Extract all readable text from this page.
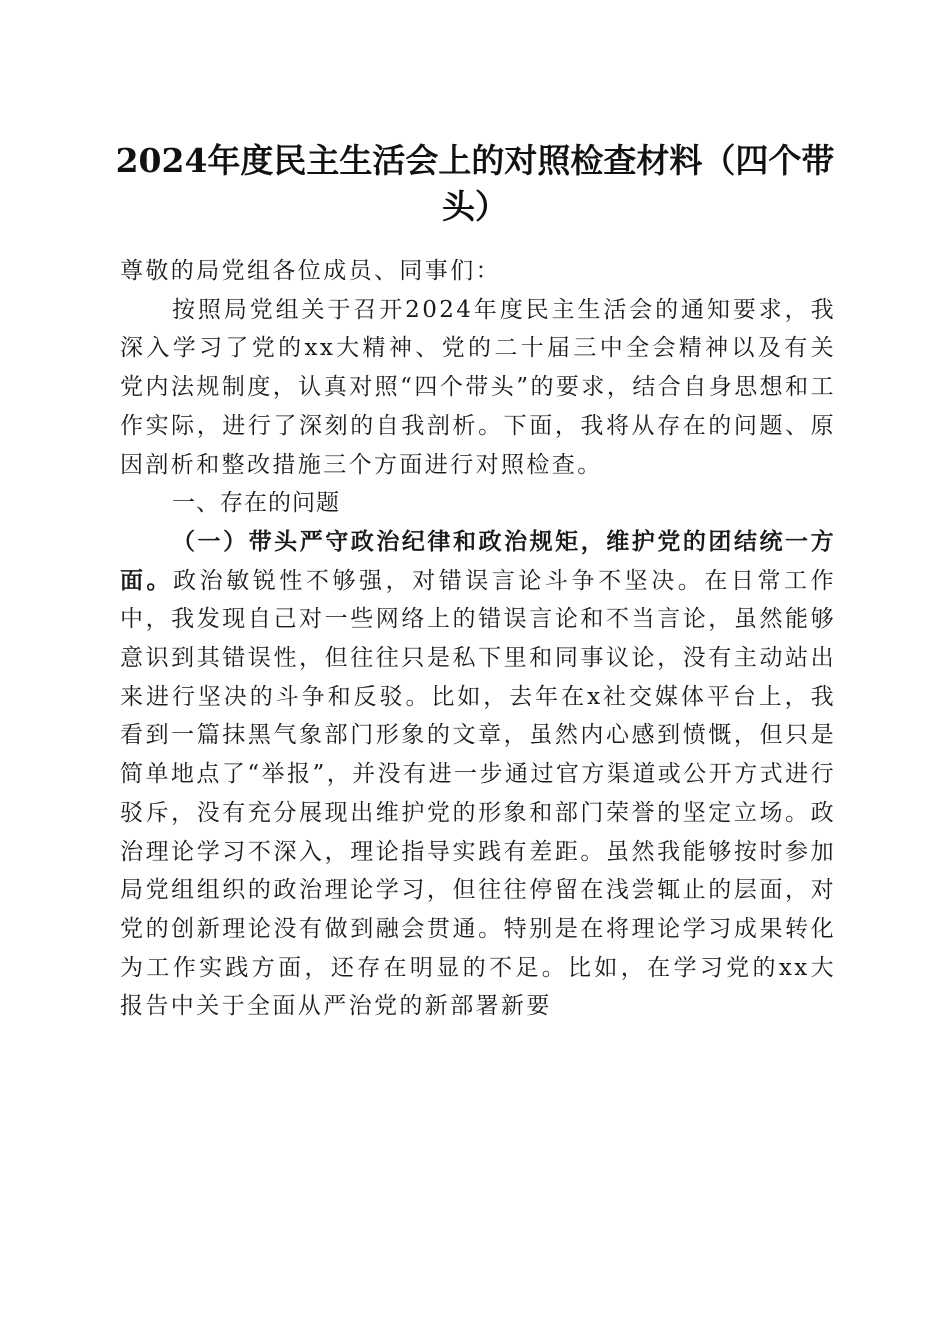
2024年度民主生活会上的对照检查材料（四个带头）

尊敬的局党组各位成员、同事们：

按照局党组关于召开2024年度民主生活会的通知要求，我深入学习了党的xx大精神、党的二十届三中全会精神以及有关党内法规制度，认真对照“四个带头”的要求，结合自身思想和工作实际，进行了深刻的自我剖析。下面，我将从存在的问题、原因剖析和整改措施三个方面进行对照检查。

一、存在的问题

（一）带头严守政治纪律和政治规矩，维护党的团结统一方面。政治敏锐性不够强，对错误言论斗争不坚决。在日常工作中，我发现自己对一些网络上的错误言论和不当言论，虽然能够意识到其错误性，但往往只是私下里和同事议论，没有主动站出来进行坚决的斗争和反驳。比如，去年在x社交媒体平台上，我看到一篇抹黑气象部门形象的文章，虽然内心感到愤慨，但只是简单地点了“举报”，并没有进一步通过官方渠道或公开方式进行驳斥，没有充分展现出维护党的形象和部门荣誉的坚定立场。政治理论学习不深入，理论指导实践有差距。虽然我能够按时参加局党组组织的政治理论学习，但往往停留在浅尝辄止的层面，对党的创新理论没有做到融会贯通。特别是在将理论学习成果转化为工作实践方面，还存在明显的不足。比如，在学习党的xx大报告中关于全面从严治党的新部署新要
